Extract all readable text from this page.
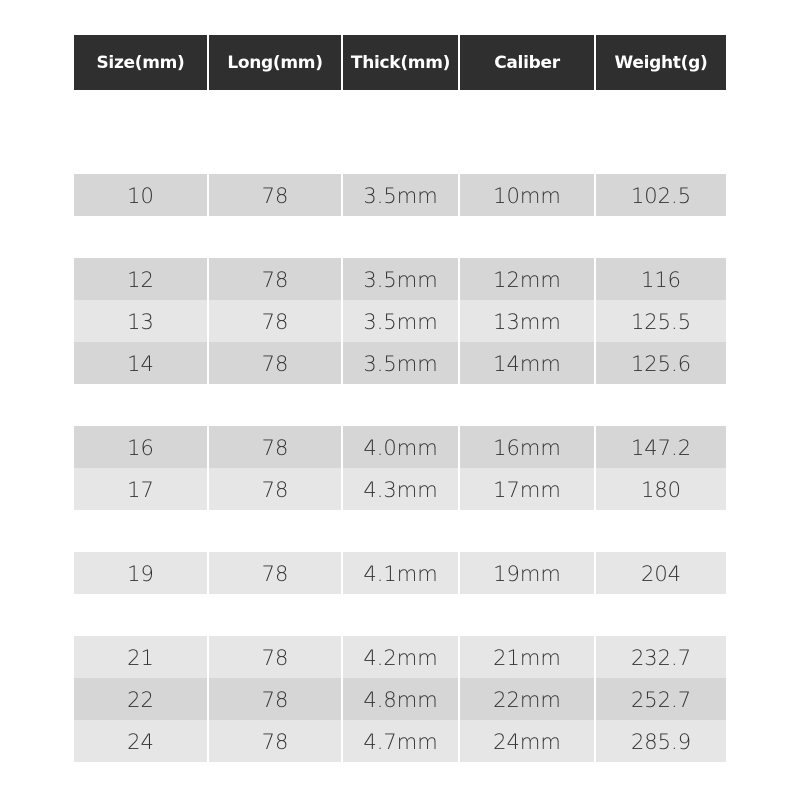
Size(mm)	Long(mm)	Thick(mm)	Caliber	Weight(g)
10	78	3.5mm	10mm	102.5
12	78	3.5mm	12mm	116
13	78	3.5mm	13mm	125.5
14	78	3.5mm	14mm	125.6
16	78	4.0mm	16mm	147.2
17	78	4.3mm	17mm	180
19	78	4.1mm	19mm	204
21	78	4.2mm	21mm	232.7
22	78	4.8mm	22mm	252.7
24	78	4.7mm	24mm	285.9
